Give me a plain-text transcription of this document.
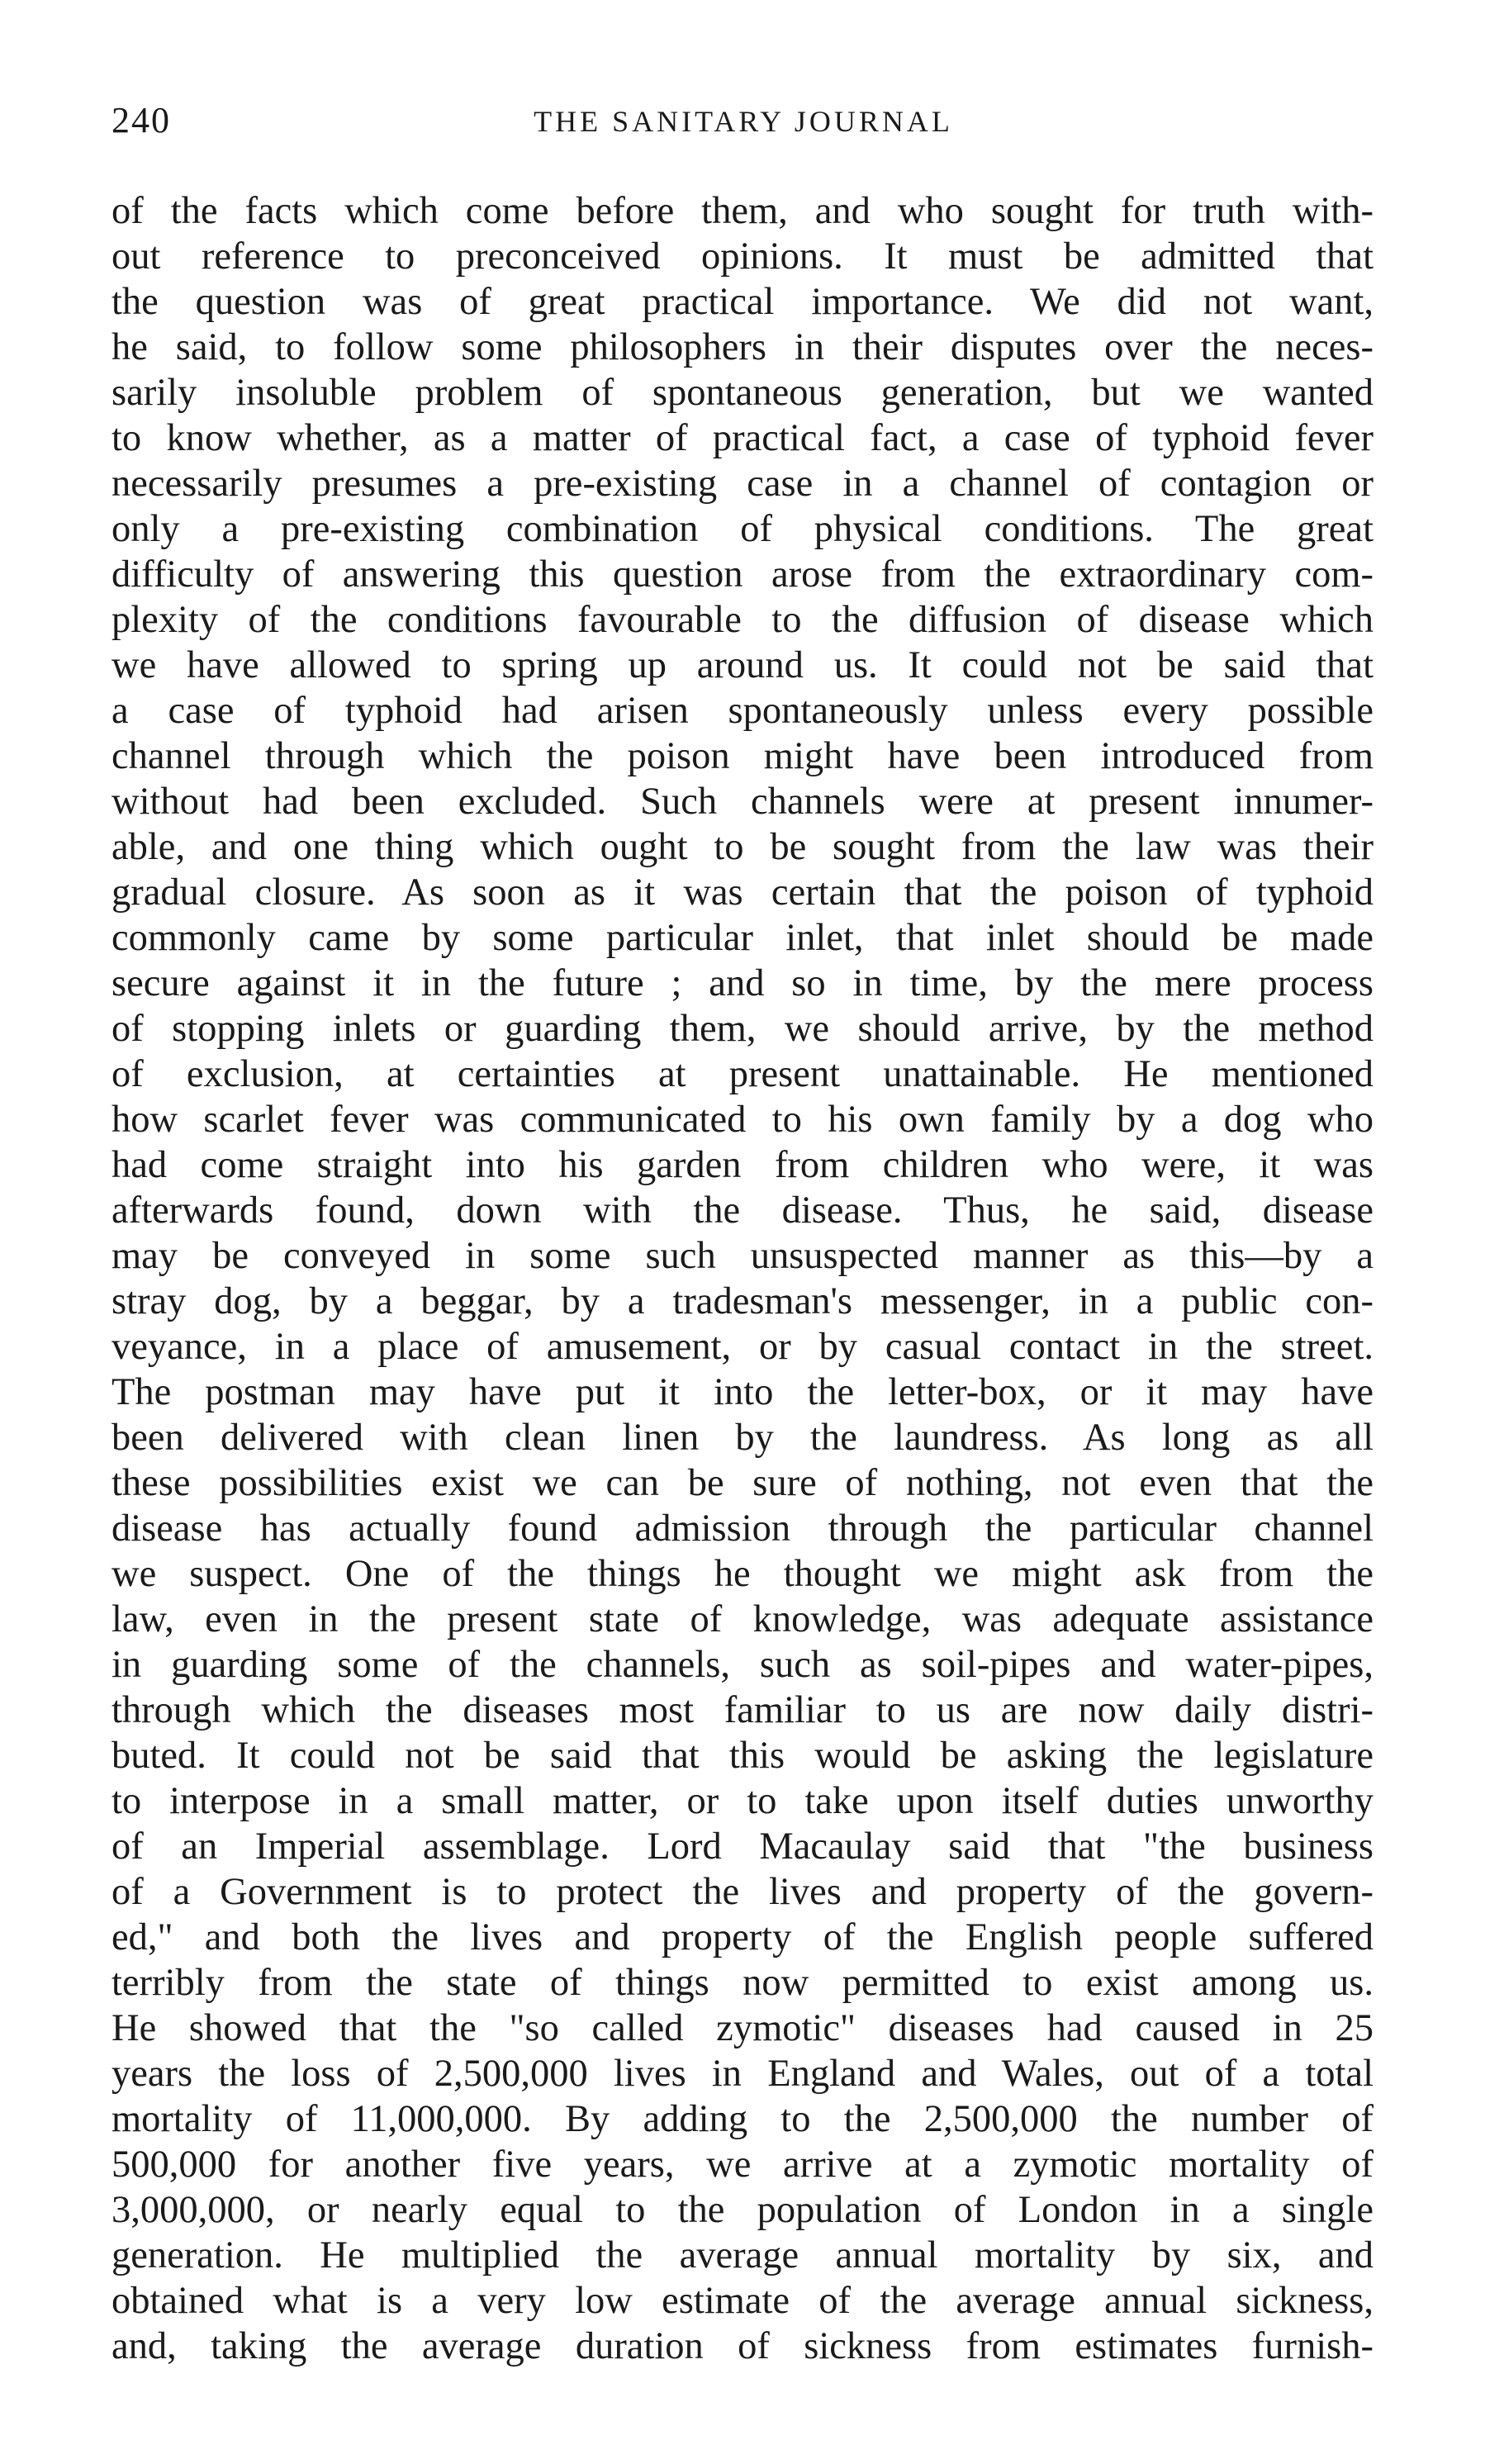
240	THE SANITARY JOURNAL
of the facts which come before them, and who sought for truth with-
out reference to preconceived opinions. It must be admitted that
the question was of great practical importance. We did not want,
he said, to follow some philosophers in their disputes over the neces-
sarily insoluble problem of spontaneous generation, but we wanted
to know whether, as a matter of practical fact, a case of typhoid fever
necessarily presumes a pre-existing case in a channel of contagion or
only a pre-existing combination of physical conditions. The great
difficulty of answering this question arose from the extraordinary com-
plexity of the conditions favourable to the diffusion of disease which
we have allowed to spring up around us. It could not be said that
a case of typhoid had arisen spontaneously unless every possible
channel through which the poison might have been introduced from
without had been excluded. Such channels were at present innumer-
able, and one thing which ought to be sought from the law was their
gradual closure. As soon as it was certain that the poison of typhoid
commonly came by some particular inlet, that inlet should be made
secure against it in the future ; and so in time, by the mere process
of stopping inlets or guarding them, we should arrive, by the method
of exclusion, at certainties at present unattainable. He mentioned
how scarlet fever was communicated to his own family by a dog who
had come straight into his garden from children who were, it was
afterwards found, down with the disease. Thus, he said, disease
may be conveyed in some such unsuspected manner as this—by a
stray dog, by a beggar, by a tradesman's messenger, in a public con-
veyance, in a place of amusement, or by casual contact in the street.
The postman may have put it into the letter-box, or it may have
been delivered with clean linen by the laundress. As long as all
these possibilities exist we can be sure of nothing, not even that the
disease has actually found admission through the particular channel
we suspect. One of the things he thought we might ask from the
law, even in the present state of knowledge, was adequate assistance
in guarding some of the channels, such as soil-pipes and water-pipes,
through which the diseases most familiar to us are now daily distri-
buted. It could not be said that this would be asking the legislature
to interpose in a small matter, or to take upon itself duties unworthy
of an Imperial assemblage. Lord Macaulay said that "the business
of a Government is to protect the lives and property of the govern-
ed," and both the lives and property of the English people suffered
terribly from the state of things now permitted to exist among us.
He showed that the "so called zymotic" diseases had caused in 25
years the loss of 2,500,000 lives in England and Wales, out of a total
mortality of 11,000,000. By adding to the 2,500,000 the number of
500,000 for another five years, we arrive at a zymotic mortality of
3,000,000, or nearly equal to the population of London in a single
generation. He multiplied the average annual mortality by six, and
obtained what is a very low estimate of the average annual sickness,
and, taking the average duration of sickness from estimates furnish-
